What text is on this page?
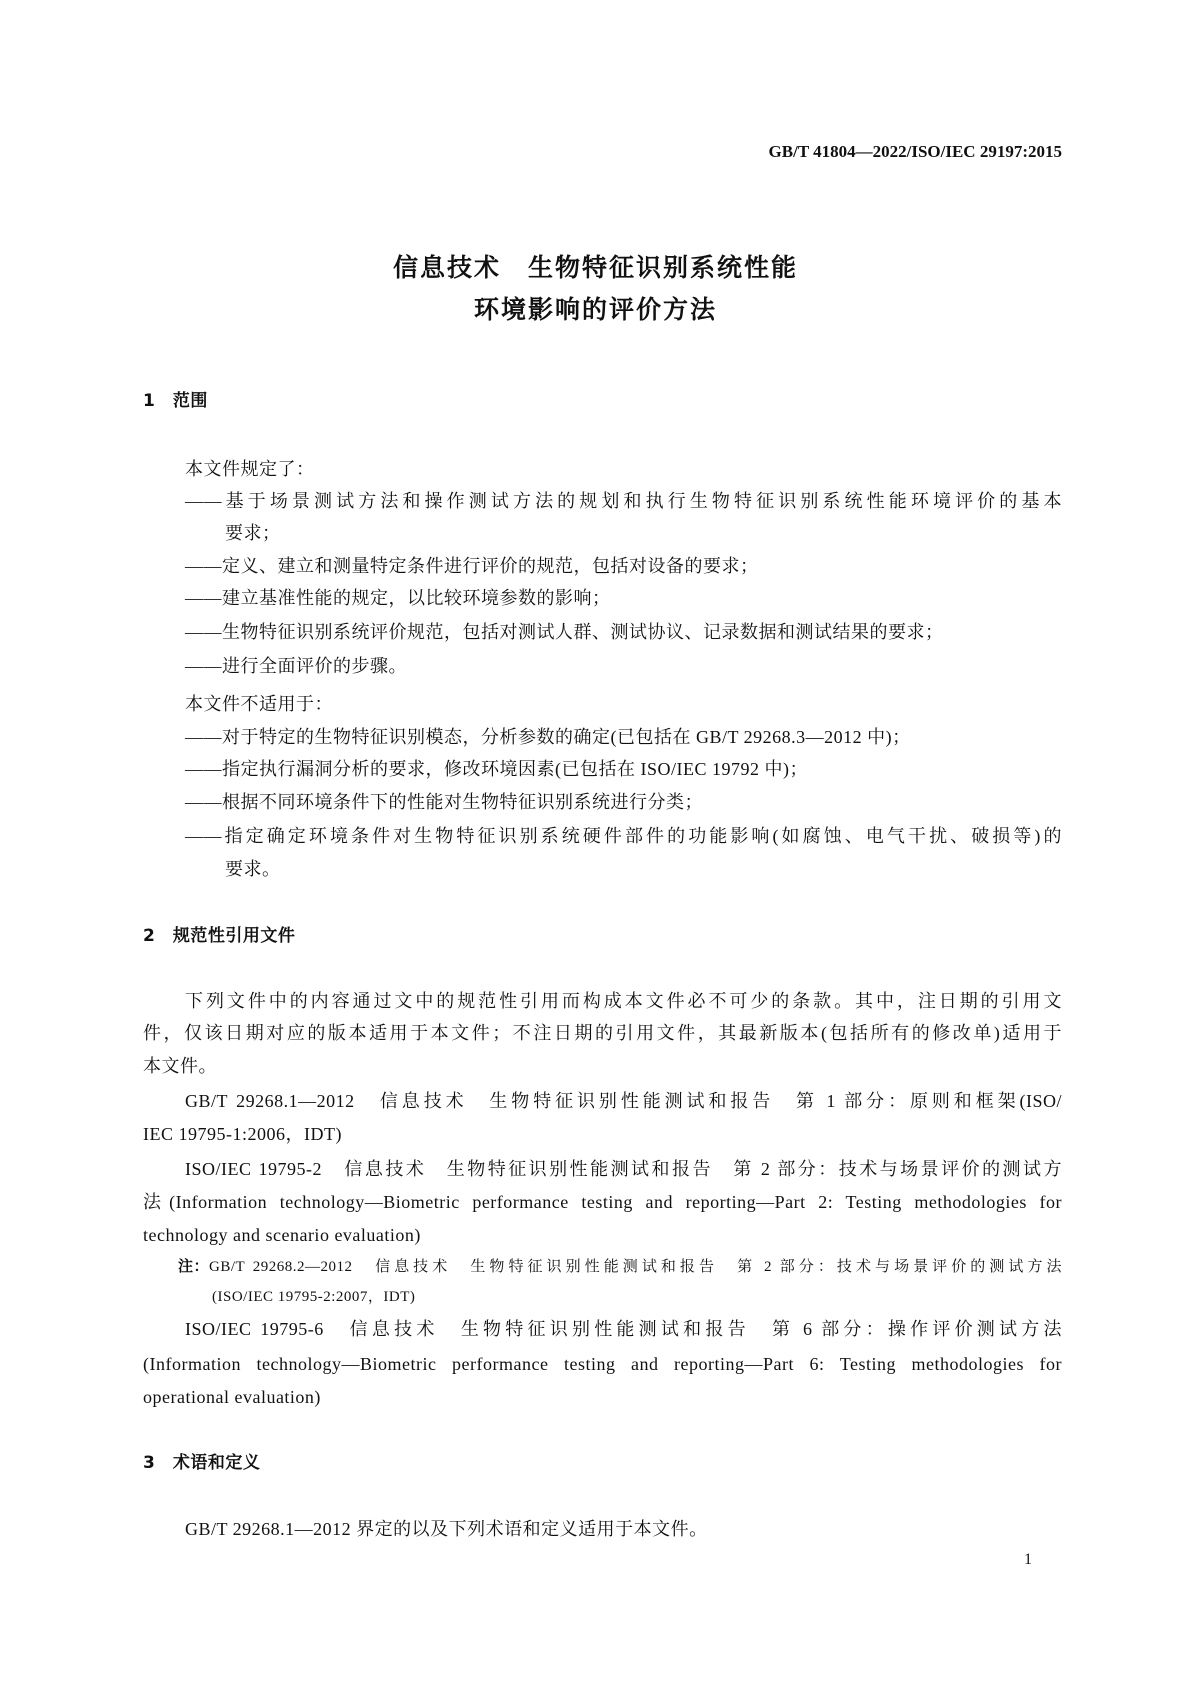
GB/T 41804—2022/ISO/IEC 29197:2015
信息技术　生物特征识别系统性能
环境影响的评价方法
1　范围
本文件规定了：
——基于场景测试方法和操作测试方法的规划和执行生物特征识别系统性能环境评价的基本
要求；
——定义、建立和测量特定条件进行评价的规范，包括对设备的要求；
——建立基准性能的规定，以比较环境参数的影响；
——生物特征识别系统评价规范，包括对测试人群、测试协议、记录数据和测试结果的要求；
——进行全面评价的步骤。
本文件不适用于：
——对于特定的生物特征识别模态，分析参数的确定(已包括在 GB/T 29268.3—2012 中)；
——指定执行漏洞分析的要求，修改环境因素(已包括在 ISO/IEC 19792 中)；
——根据不同环境条件下的性能对生物特征识别系统进行分类；
——指定确定环境条件对生物特征识别系统硬件部件的功能影响(如腐蚀、电气干扰、破损等)的
要求。
2　规范性引用文件
下列文件中的内容通过文中的规范性引用而构成本文件必不可少的条款。其中，注日期的引用文
件，仅该日期对应的版本适用于本文件；不注日期的引用文件，其最新版本(包括所有的修改单)适用于
本文件。
GB/T 29268.1—2012　信息技术　生物特征识别性能测试和报告　第 1 部分：原则和框架(ISO/
IEC 19795-1:2006，IDT)
ISO/IEC 19795-2　信息技术　生物特征识别性能测试和报告　第 2 部分：技术与场景评价的测试方
法(Information technology—Biometric performance testing and reporting—Part 2: Testing methodologies for
technology and scenario evaluation)
注： GB/T 29268.2—2012　信息技术　生物特征识别性能测试和报告　第 2 部分：技术与场景评价的测试方法
(ISO/IEC 19795-2:2007，IDT)
ISO/IEC 19795-6　信息技术　生物特征识别性能测试和报告　第 6 部分：操作评价测试方法
(Information technology—Biometric performance testing and reporting—Part 6: Testing methodologies for
operational evaluation)
3　术语和定义
GB/T 29268.1—2012 界定的以及下列术语和定义适用于本文件。
1
